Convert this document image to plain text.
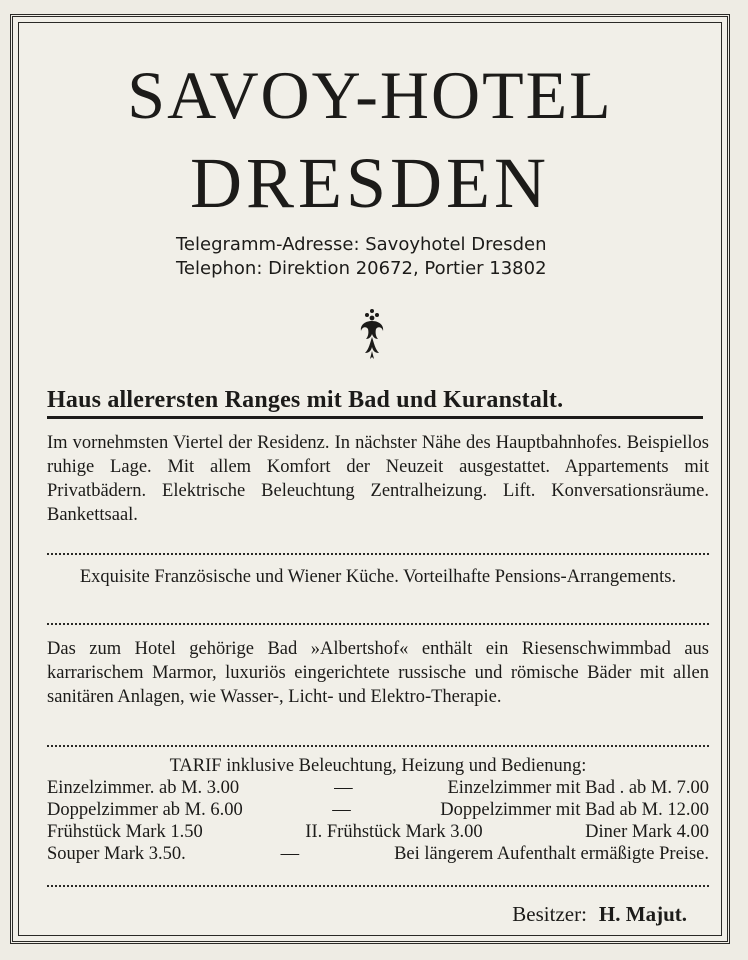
SAVOY-HOTEL
DRESDEN
Telegramm-Adresse: Savoyhotel Dresden
Telephon: Direktion 20672, Portier 13802
Haus allerersten Ranges mit Bad und Kuranstalt.
Im vornehmsten Viertel der Residenz. In nächster Nähe des Hauptbahnhofes. Beispiellos ruhige Lage. Mit allem Komfort der Neuzeit ausgestattet. Appartements mit Privatbädern. Elektrische Beleuchtung Zentralheizung. Lift. Konversationsräume. Bankettsaal.
Exquisite Französische und Wiener Küche. Vorteilhafte Pensions-Arrangements.
Das zum Hotel gehörige Bad »Albertshof« enthält ein Riesenschwimmbad aus karrarischem Marmor, luxuriös eingerichtete russische und römische Bäder mit allen sanitären Anlagen, wie Wasser-, Licht- und Elektro-Therapie.
TARIF inklusive Beleuchtung, Heizung und Bedienung:
Einzelzimmer. ab M. 3.00	—	Einzelzimmer mit Bad . ab M. 7.00
Doppelzimmer ab M. 6.00	—	Doppelzimmer mit Bad ab M. 12.00
Frühstück Mark 1.50	II. Frühstück Mark 3.00	Diner Mark 4.00
Souper Mark 3.50.	—	Bei längerem Aufenthalt ermäßigte Preise.
Besitzer: H. Majut.
